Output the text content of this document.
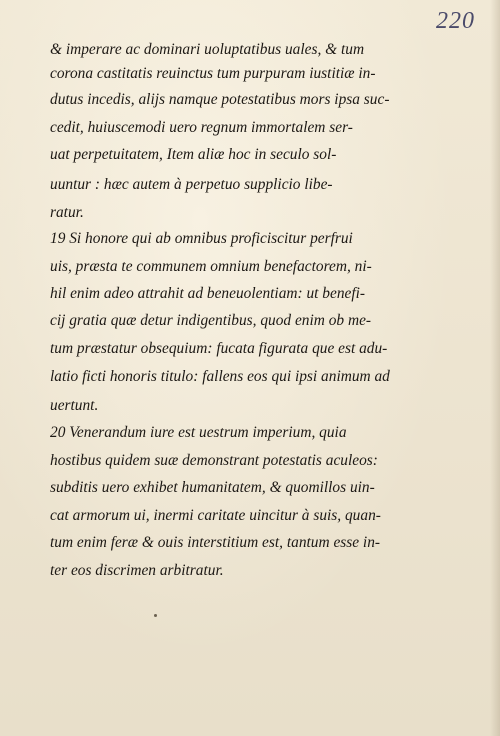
220
& imperare ac dominari uoluptatibus uales, & tum
corona castitatis reuinctus tum purpuram iustitiæ in-
dutus incedis, alijs namque potestatibus mors ipsa suc-
cedit, huiuscemodi uero regnum immortalem ser-
uat perpetuitatem, Item aliæ hoc in seculo sol-
uuntur : hæc autem à perpetuo supplicio libe-
ratur.
19 Si honore qui ab omnibus proficiscitur perfrui
uis, præsta te communem omnium benefactorem, ni-
hil enim adeo attrahit ad beneuolentiam: ut benefi-
cij gratia quæ detur indigentibus, quod enim ob me-
tum præstatur obsequium: fucata figurata que est adu-
latio ficti honoris titulo: fallens eos qui ipsi animum ad
uertunt.
20 Venerandum iure est uestrum imperium, quia
hostibus quidem suæ demonstrant potestatis aculeos:
subditis uero exhibet humanitatem, & quomillos uin-
cat armorum ui, inermi caritate uincitur à suis, quan-
tum enim feræ & ouis interstitium est, tantum esse in-
ter eos discrimen arbitratur.
